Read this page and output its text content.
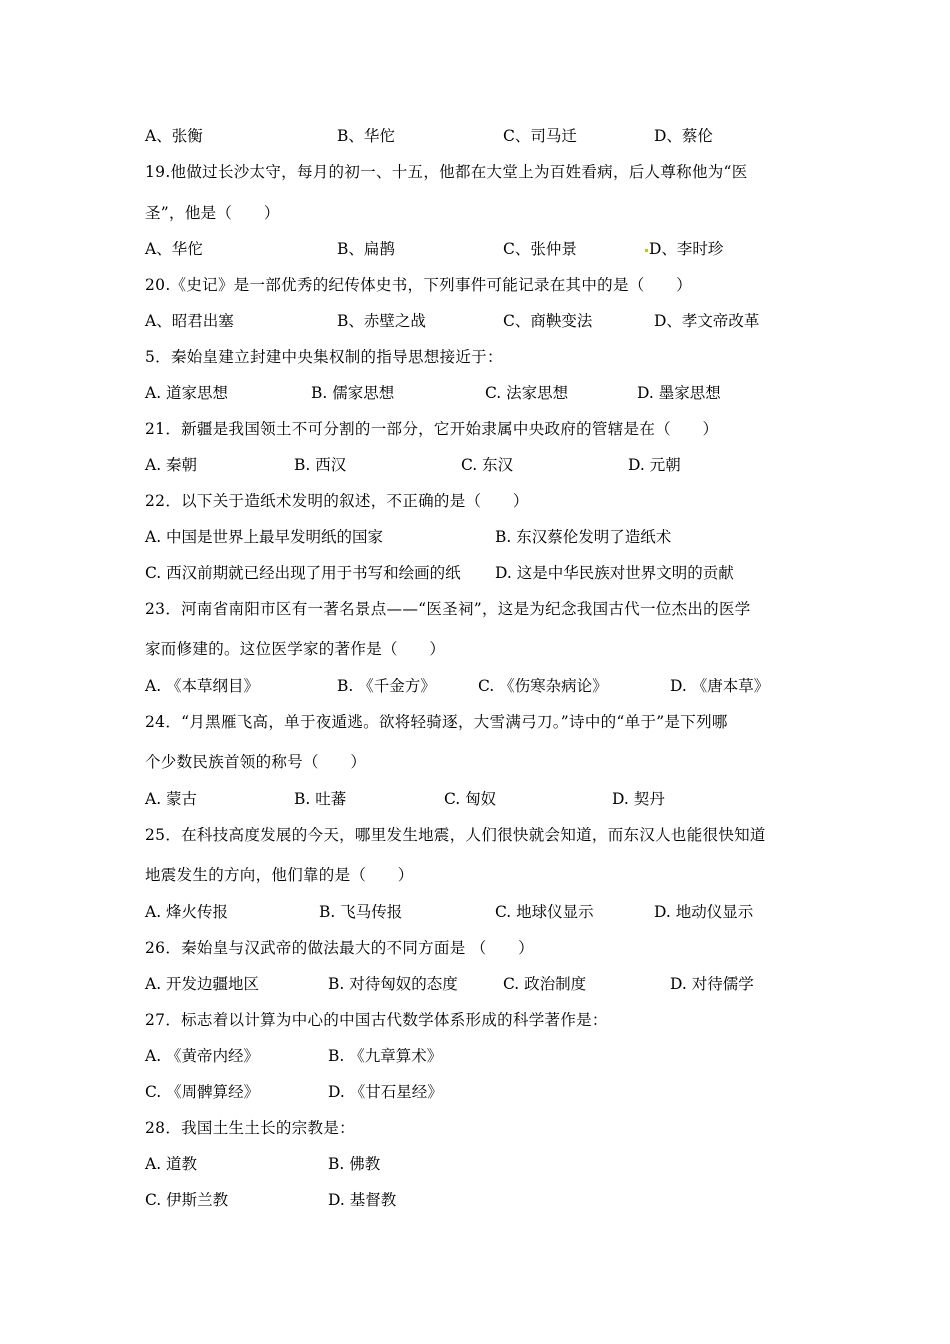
A、张衡	B、华佗	C、司马迁	D、蔡伦
19.他做过长沙太守，每月的初一、十五，他都在大堂上为百姓看病，后人尊称他为“医
圣”，他是（　　）
A、华佗	B、扁鹊	C、张仲景	D、李时珍
20.《史记》是一部优秀的纪传体史书，下列事件可能记录在其中的是（　　）
A、昭君出塞	B、赤壁之战	C、商鞅变法	D、孝文帝改革
5．秦始皇建立封建中央集权制的指导思想接近于：
A. 道家思想	B. 儒家思想	C. 法家思想	D. 墨家思想
21．新疆是我国领土不可分割的一部分，它开始隶属中央政府的管辖是在（　　）
A. 秦朝	B. 西汉	C. 东汉	D. 元朝
22．以下关于造纸术发明的叙述，不正确的是（　　）
A. 中国是世界上最早发明纸的国家	B. 东汉蔡伦发明了造纸术
C. 西汉前期就已经出现了用于书写和绘画的纸 D. 这是中华民族对世界文明的贡献
23．河南省南阳市区有一著名景点——“医圣祠”，这是为纪念我国古代一位杰出的医学
家而修建的。这位医学家的著作是（　　）
A. 《本草纲目》	B. 《千金方》	C. 《伤寒杂病论》	D. 《唐本草》
24．“月黑雁飞高，单于夜遁逃。欲将轻骑逐，大雪满弓刀。”诗中的“单于”是下列哪
个少数民族首领的称号（　　）
A. 蒙古	B. 吐蕃	C. 匈奴	D. 契丹
25．在科技高度发展的今天，哪里发生地震，人们很快就会知道，而东汉人也能很快知道
地震发生的方向，他们靠的是（　　）
A. 烽火传报	B. 飞马传报	C. 地球仪显示	D. 地动仪显示
26．秦始皇与汉武帝的做法最大的不同方面是 （　　）
A. 开发边疆地区	B. 对待匈奴的态度	C. 政治制度	D. 对待儒学
27．标志着以计算为中心的中国古代数学体系形成的科学著作是：
A. 《黄帝内经》	B. 《九章算术》
C. 《周髀算经》	D. 《甘石星经》
28．我国土生土长的宗教是：
A. 道教	B. 佛教
C. 伊斯兰教	D. 基督教
